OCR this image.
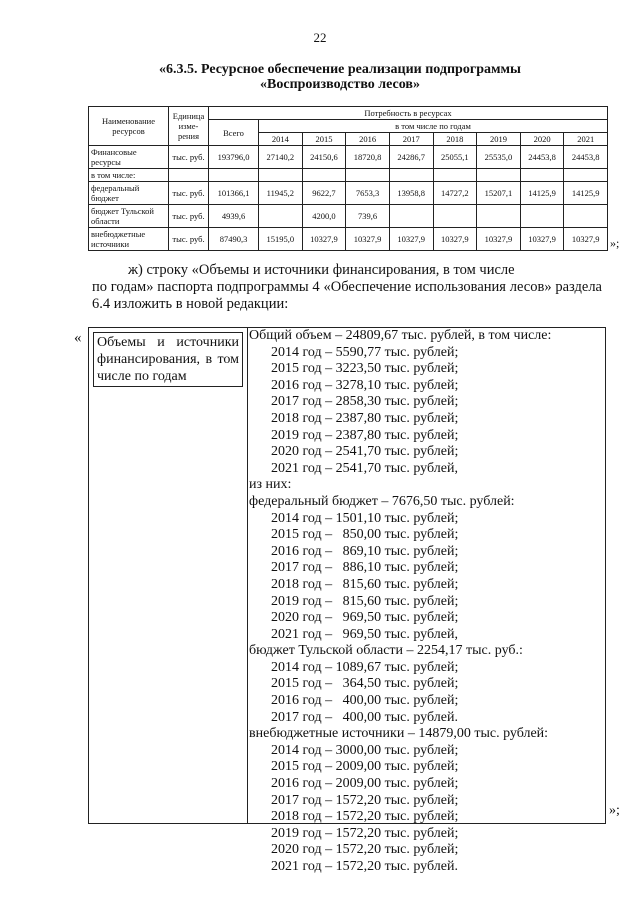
22
«6.3.5. Ресурсное обеспечение реализации подпрограммы
«Воспроизводство лесов»
Наименование ресурсов	Единица изме-рения	Потребность в ресурсах								
		Всего	в том числе по годам							
			2014	2015	2016	2017	2018	2019	2020	2021
Финансовые ресурсы	тыс. руб.	193796,0	27140,2	24150,6	18720,8	24286,7	25055,1	25535,0	24453,8	24453,8
в том числе:										
федеральный бюджет	тыс. руб.	101366,1	11945,2	9622,7	7653,3	13958,8	14727,2	15207,1	14125,9	14125,9
бюджет Тульской области	тыс. руб.	4939,6		4200,0	739,6					
внебюджетные источники	тыс. руб.	87490,3	15195,0	10327,9	10327,9	10327,9	10327,9	10327,9	10327,9	10327,9 »;
ж) строку «Объемы и источники финансирования, в том числе
по годам» паспорта подпрограммы 4 «Обеспечение использования лесов» раздела 6.4 изложить в новой редакции:
« Объемы и источники финансирования, в том числе по годам
Общий объем – 24809,67 тыс. рублей, в том числе:
2014 год – 5590,77 тыс. рублей;
2015 год – 3223,50 тыс. рублей;
2016 год – 3278,10 тыс. рублей;
2017 год – 2858,30 тыс. рублей;
2018 год – 2387,80 тыс. рублей;
2019 год – 2387,80 тыс. рублей;
2020 год – 2541,70 тыс. рублей;
2021 год – 2541,70 тыс. рублей,
из них:
федеральный бюджет – 7676,50 тыс. рублей:
2014 год – 1501,10 тыс. рублей;
2015 год –   850,00 тыс. рублей;
2016 год –   869,10 тыс. рублей;
2017 год –   886,10 тыс. рублей;
2018 год –   815,60 тыс. рублей;
2019 год –   815,60 тыс. рублей;
2020 год –   969,50 тыс. рублей;
2021 год –   969,50 тыс. рублей,
бюджет Тульской области – 2254,17 тыс. руб.:
2014 год – 1089,67 тыс. рублей;
2015 год –   364,50 тыс. рублей;
2016 год –   400,00 тыс. рублей;
2017 год –   400,00 тыс. рублей.
внебюджетные источники – 14879,00 тыс. рублей:
2014 год – 3000,00 тыс. рублей;
2015 год – 2009,00 тыс. рублей;
2016 год – 2009,00 тыс. рублей;
2017 год – 1572,20 тыс. рублей;
2018 год – 1572,20 тыс. рублей;
2019 год – 1572,20 тыс. рублей;
2020 год – 1572,20 тыс. рублей;
2021 год – 1572,20 тыс. рублей.
»;
